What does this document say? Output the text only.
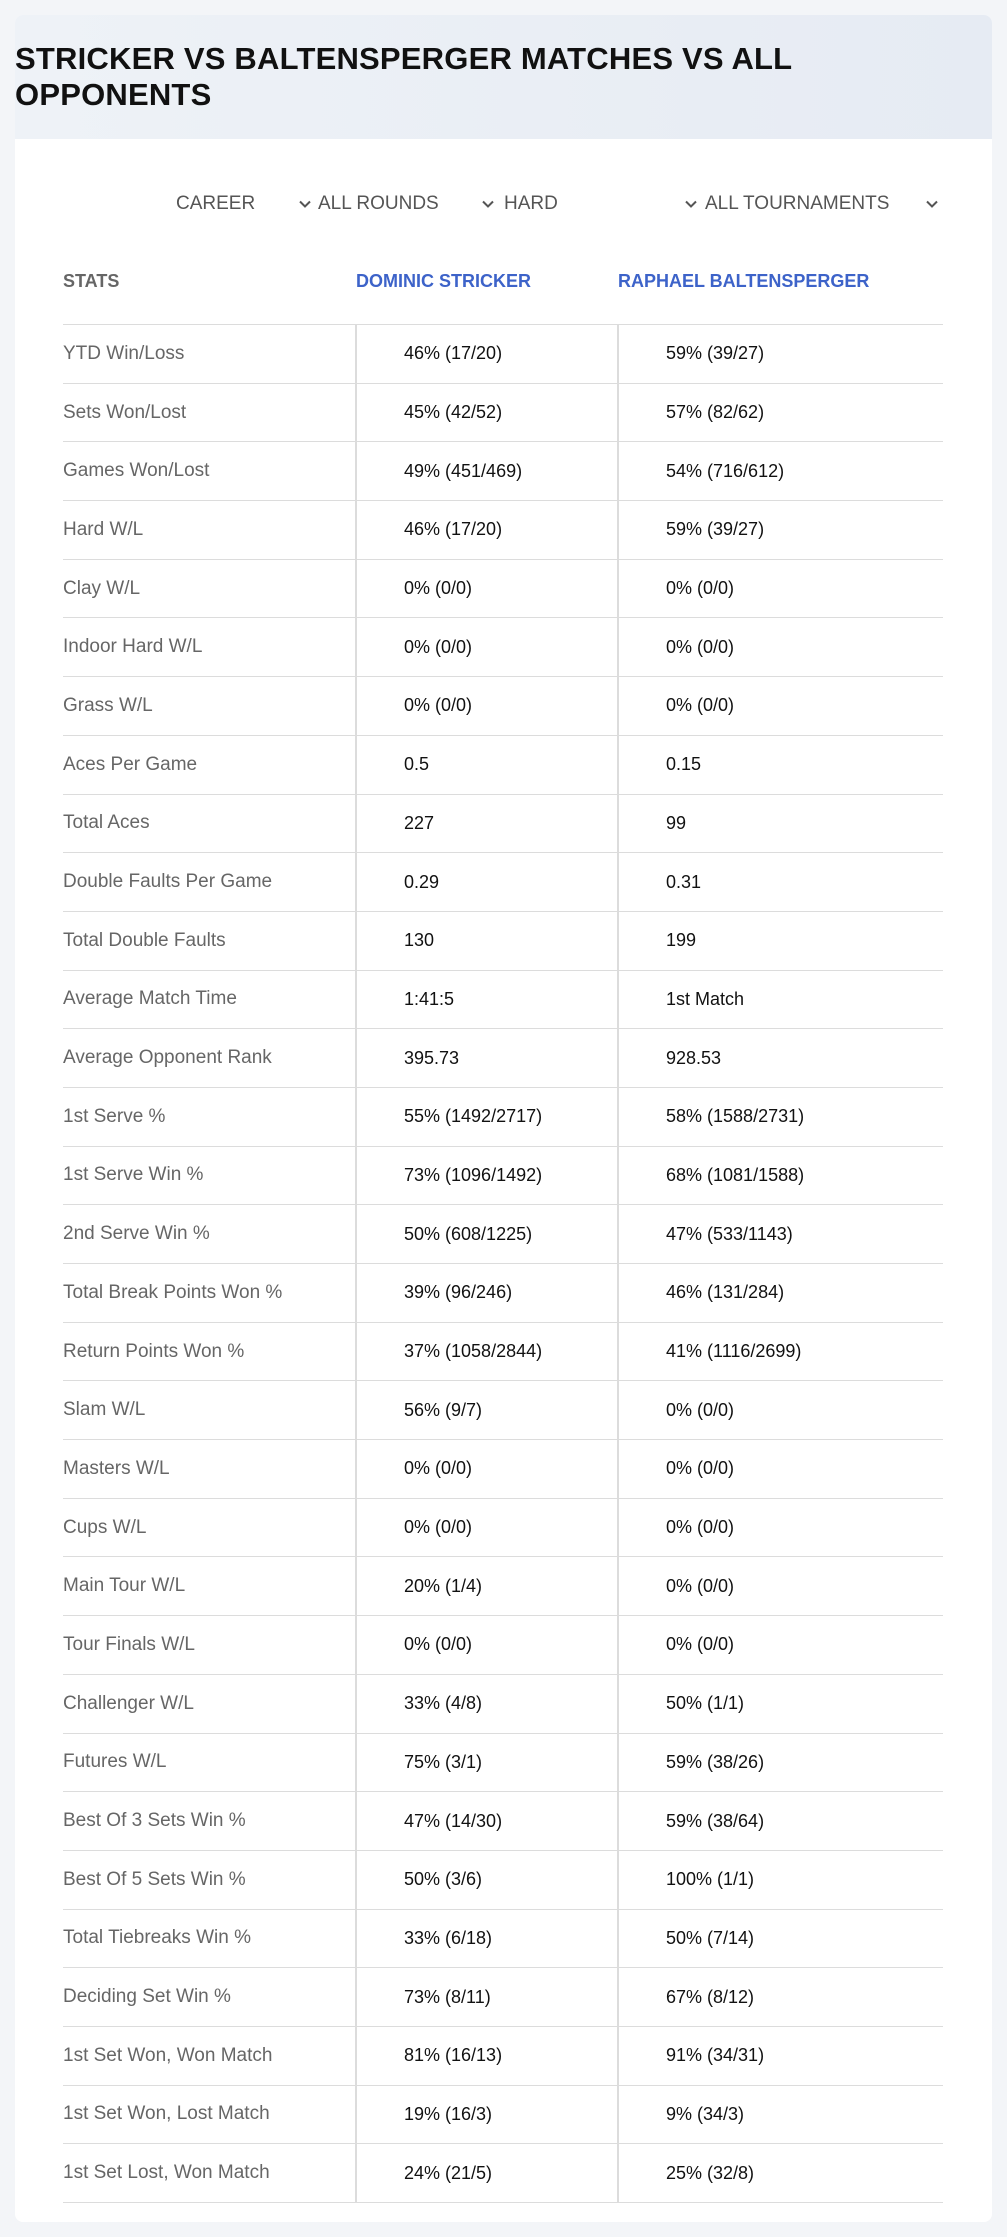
STRICKER VS BALTENSPERGER MATCHES VS ALL OPPONENTS
CAREER	ALL ROUNDS	HARD	ALL TOURNAMENTS
STATS	DOMINIC STRICKER	RAPHAEL BALTENSPERGER
YTD Win/Loss	46% (17/20)	59% (39/27)
Sets Won/Lost	45% (42/52)	57% (82/62)
Games Won/Lost	49% (451/469)	54% (716/612)
Hard W/L	46% (17/20)	59% (39/27)
Clay W/L	0% (0/0)	0% (0/0)
Indoor Hard W/L	0% (0/0)	0% (0/0)
Grass W/L	0% (0/0)	0% (0/0)
Aces Per Game	0.5	0.15
Total Aces	227	99
Double Faults Per Game	0.29	0.31
Total Double Faults	130	199
Average Match Time	1:41:5	1st Match
Average Opponent Rank	395.73	928.53
1st Serve %	55% (1492/2717)	58% (1588/2731)
1st Serve Win %	73% (1096/1492)	68% (1081/1588)
2nd Serve Win %	50% (608/1225)	47% (533/1143)
Total Break Points Won %	39% (96/246)	46% (131/284)
Return Points Won %	37% (1058/2844)	41% (1116/2699)
Slam W/L	56% (9/7)	0% (0/0)
Masters W/L	0% (0/0)	0% (0/0)
Cups W/L	0% (0/0)	0% (0/0)
Main Tour W/L	20% (1/4)	0% (0/0)
Tour Finals W/L	0% (0/0)	0% (0/0)
Challenger W/L	33% (4/8)	50% (1/1)
Futures W/L	75% (3/1)	59% (38/26)
Best Of 3 Sets Win %	47% (14/30)	59% (38/64)
Best Of 5 Sets Win %	50% (3/6)	100% (1/1)
Total Tiebreaks Win %	33% (6/18)	50% (7/14)
Deciding Set Win %	73% (8/11)	67% (8/12)
1st Set Won, Won Match	81% (16/13)	91% (34/31)
1st Set Won, Lost Match	19% (16/3)	9% (34/3)
1st Set Lost, Won Match	24% (21/5)	25% (32/8)
